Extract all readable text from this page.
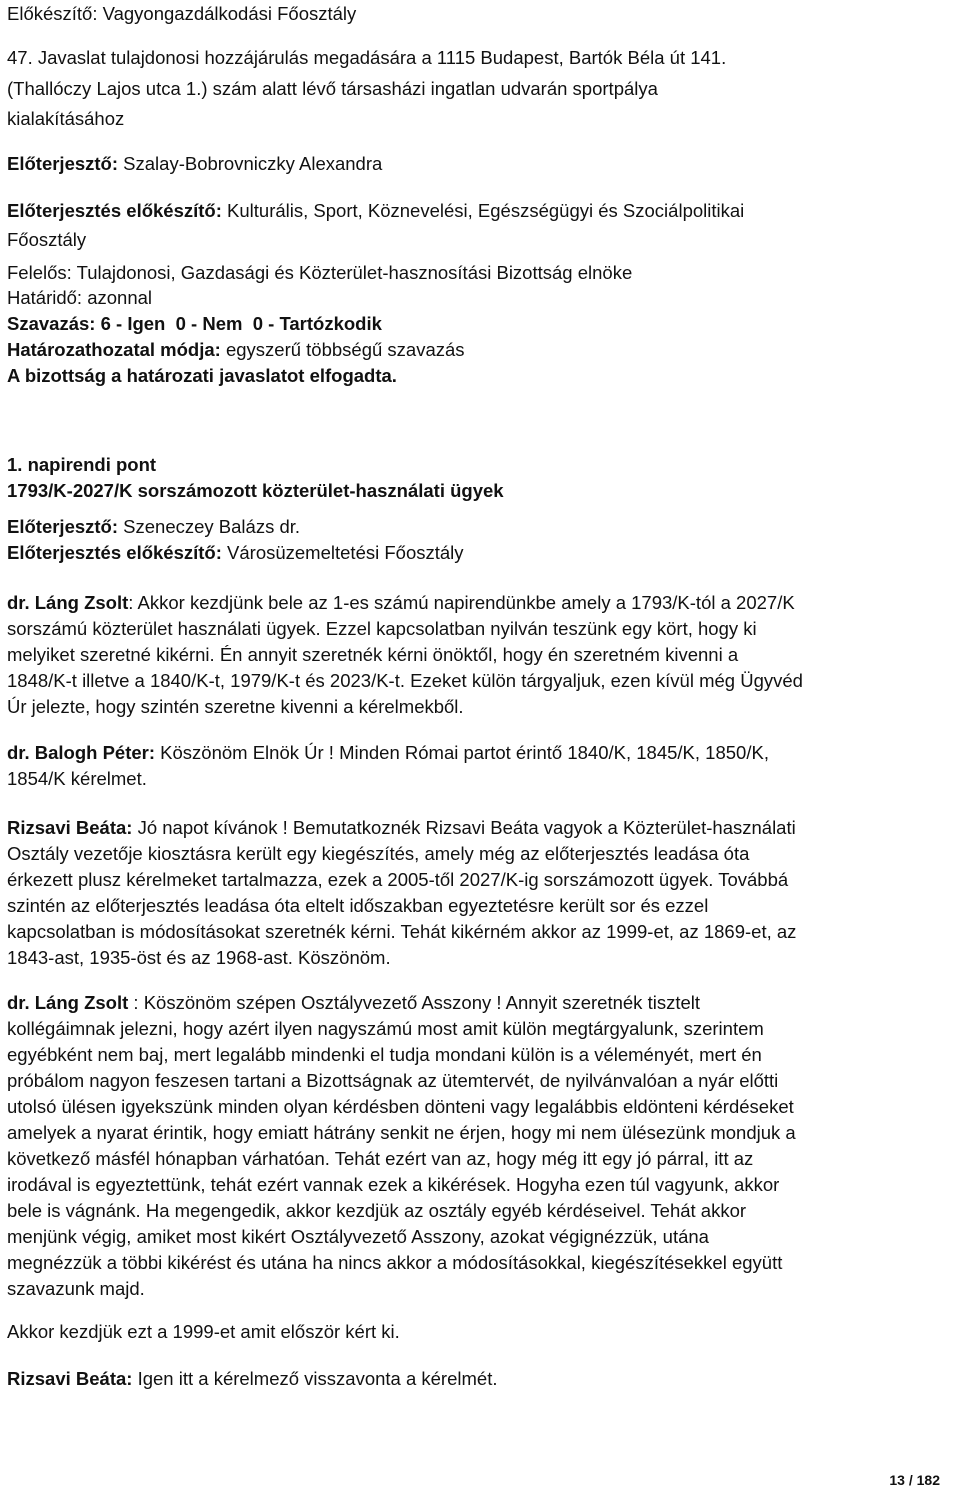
Előkészítő: Vagyongazdálkodási Főosztály
47. Javaslat tulajdonosi hozzájárulás megadására a 1115 Budapest, Bartók Béla út 141.
(Thallóczy Lajos utca 1.) szám alatt lévő társasházi ingatlan udvarán sportpálya
kialakításához
Előterjesztő: Szalay-Bobrovniczky Alexandra
Előterjesztés előkészítő: Kulturális, Sport, Köznevelési, Egészségügyi és Szociálpolitikai
Főosztály
Felelős: Tulajdonosi, Gazdasági és Közterület-hasznosítási Bizottság elnöke
Határidő: azonnal
Szavazás: 6 - Igen  0 - Nem  0 - Tartózkodik
Határozathozatal módja: egyszerű többségű szavazás
A bizottság a határozati javaslatot elfogadta.
1. napirendi pont
1793/K-2027/K sorszámozott közterület-használati ügyek
Előterjesztő: Szeneczey Balázs dr.
Előterjesztés előkészítő: Városüzemeltetési Főosztály
dr. Láng Zsolt: Akkor kezdjünk bele az 1-es számú napirendünkbe amely a 1793/K-tól a 2027/K
sorszámú közterület használati ügyek. Ezzel kapcsolatban nyilván teszünk egy kört, hogy ki
melyiket szeretné kikérni. Én annyit szeretnék kérni önöktől, hogy én szeretném kivenni a
1848/K-t illetve a 1840/K-t, 1979/K-t és 2023/K-t. Ezeket külön tárgyaljuk, ezen kívül még Ügyvéd
Úr jelezte, hogy szintén szeretne kivenni a kérelmekből.
dr. Balogh Péter: Köszönöm Elnök Úr ! Minden Római partot érintő 1840/K, 1845/K, 1850/K,
1854/K kérelmet.
Rizsavi Beáta: Jó napot kívánok ! Bemutatkoznék Rizsavi Beáta vagyok a Közterület-használati
Osztály vezetője kiosztásra került egy kiegészítés, amely még az előterjesztés leadása óta
érkezett plusz kérelmeket tartalmazza, ezek a 2005-től 2027/K-ig sorszámozott ügyek. Továbbá
szintén az előterjesztés leadása óta eltelt időszakban egyeztetésre került sor és ezzel
kapcsolatban is módosításokat szeretnék kérni. Tehát kikérném akkor az 1999-et, az 1869-et, az
1843-ast, 1935-öst és az 1968-ast. Köszönöm.
dr. Láng Zsolt : Köszönöm szépen Osztályvezető Asszony ! Annyit szeretnék tisztelt
kollégáimnak jelezni, hogy azért ilyen nagyszámú most amit külön megtárgyalunk, szerintem
egyébként nem baj, mert legalább mindenki el tudja mondani külön is a véleményét, mert én
próbálom nagyon feszesen tartani a Bizottságnak az ütemtervét, de nyilvánvalóan a nyár előtti
utolsó ülésen igyekszünk minden olyan kérdésben dönteni vagy legalábbis eldönteni kérdéseket
amelyek a nyarat érintik, hogy emiatt hátrány senkit ne érjen, hogy mi nem ülésezünk mondjuk a
következő másfél hónapban várhatóan. Tehát ezért van az, hogy még itt egy jó párral, itt az
irodával is egyeztettünk, tehát ezért vannak ezek a kikérések. Hogyha ezen túl vagyunk, akkor
bele is vágnánk. Ha megengedik, akkor kezdjük az osztály egyéb kérdéseivel. Tehát akkor
menjünk végig, amiket most kikért Osztályvezető Asszony, azokat végignézzük, utána
megnézzük a többi kikérést és utána ha nincs akkor a módosításokkal, kiegészítésekkel együtt
szavazunk majd.
Akkor kezdjük ezt a 1999-et amit először kért ki.
Rizsavi Beáta: Igen itt a kérelmező visszavonta a kérelmét.
13 / 182
